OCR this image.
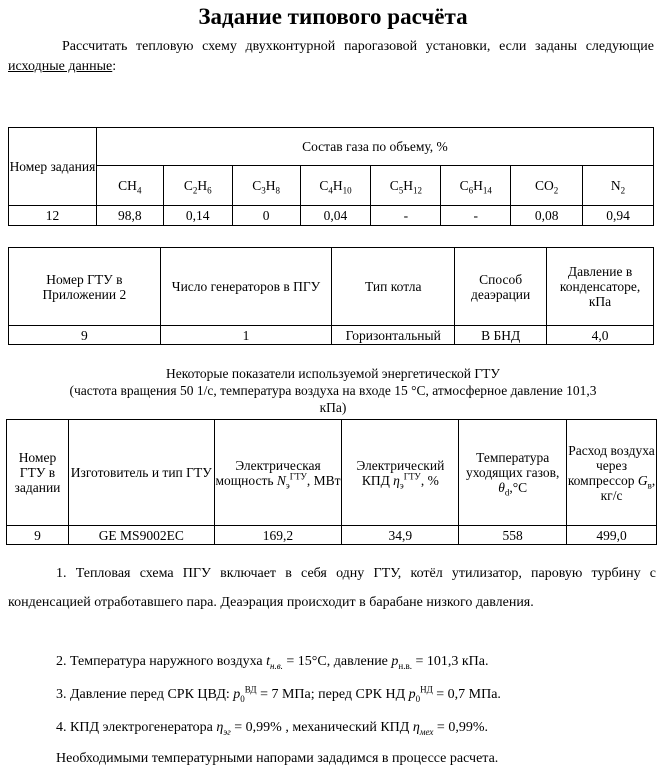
Задание типового расчёта
Рассчитать тепловую схему двухконтурной парогазовой установки, если заданы следующие исходные данные:
Номер задания	Состав газа по объему, %							
	$CH_4$	$C_2H_6$	$C_3H_8$	$C_4H_{10}$	$C_5H_{12}$	$C_6H_{14}$	$CO_2$	$N_2$
12	98,8	0,14	0	0,04	-	-	0,08	0,94
Номер ГТУ в Приложении 2	Число генераторов в ПГУ	Тип котла	Способ деаэрации	Давление в конденсаторе, кПа
9	1	Горизонтальный	В БНД	4,0
Некоторые показатели используемой энергетической ГТУ
(частота вращения 50 1/с, температура воздуха на входе 15 °С, атмосферное давление 101,3 кПа)
Номер ГТУ в задании	Изготовитель и тип ГТУ	Электрическая мощность $N_э^{ГТУ}$, МВт	Электрический КПД $\eta_э^{ГТУ}$, %	Температура уходящих газов, $\theta_d,^\circ С$	Расход воздуха через компрессор $G_в$, кг/с
9	GE MS9002EC	169,2	34,9	558	499,0
1. Тепловая схема ПГУ включает в себя одну ГТУ, котёл утилизатор, паровую турбину с конденсацией отработавшего пара. Деаэрация происходит в барабане низкого давления.
2. Температура наружного воздуха $t_{н.в.} = 15^\circ С$, давление $p_{н.в.} = 101,3$ кПа.
3. Давление перед СРК ЦВД: $p_0^{ВД} = 7$ МПа; перед СРК НД $p_0^{НД} = 0,7$ МПа.
4. КПД электрогенератора $\eta_{эг} = 0,99\%$ , механический КПД $\eta_{мех} = 0,99\%$.
Необходимыми температурными напорами зададимся в процессе расчета.
